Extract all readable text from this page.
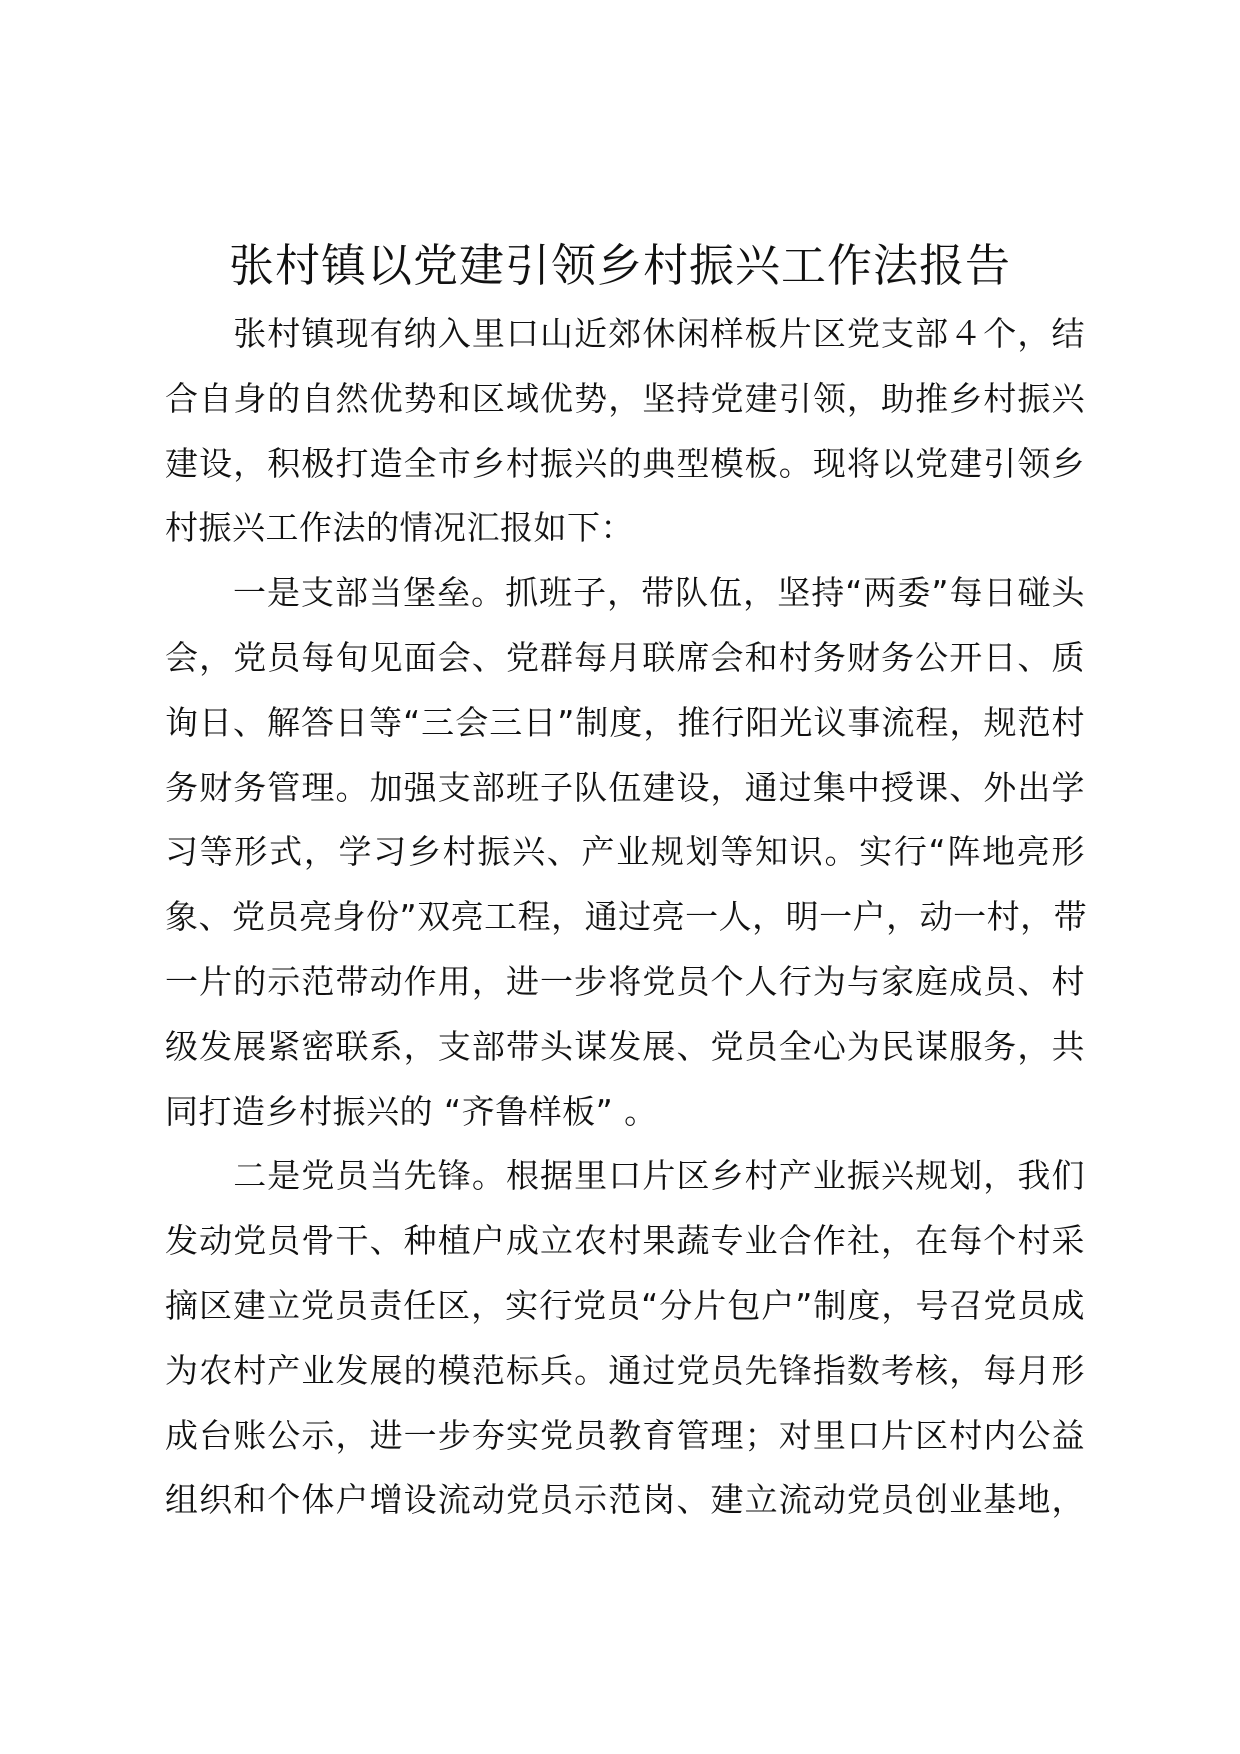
张村镇以党建引领乡村振兴工作法报告

　　张村镇现有纳入里口山近郊休闲样板片区党支部４个，结
合自身的自然优势和区域优势，坚持党建引领，助推乡村振兴
建设，积极打造全市乡村振兴的典型模板。现将以党建引领乡
村振兴工作法的情况汇报如下：

　　一是支部当堡垒。抓班子，带队伍，坚持“两委”每日碰头
会，党员每旬见面会、党群每月联席会和村务财务公开日、质
询日、解答日等“三会三日”制度，推行阳光议事流程，规范村
务财务管理。加强支部班子队伍建设，通过集中授课、外出学
习等形式，学习乡村振兴、产业规划等知识。实行“阵地亮形
象、党员亮身份”双亮工程，通过亮一人，明一户，动一村，带
一片的示范带动作用，进一步将党员个人行为与家庭成员、村
级发展紧密联系，支部带头谋发展、党员全心为民谋服务，共
同打造乡村振兴的 “齐鲁样板” 。

　　二是党员当先锋。根据里口片区乡村产业振兴规划，我们
发动党员骨干、种植户成立农村果蔬专业合作社，在每个村采
摘区建立党员责任区，实行党员“分片包户”制度，号召党员成
为农村产业发展的模范标兵。通过党员先锋指数考核，每月形
成台账公示，进一步夯实党员教育管理；对里口片区村内公益
组织和个体户增设流动党员示范岗、建立流动党员创业基地，
